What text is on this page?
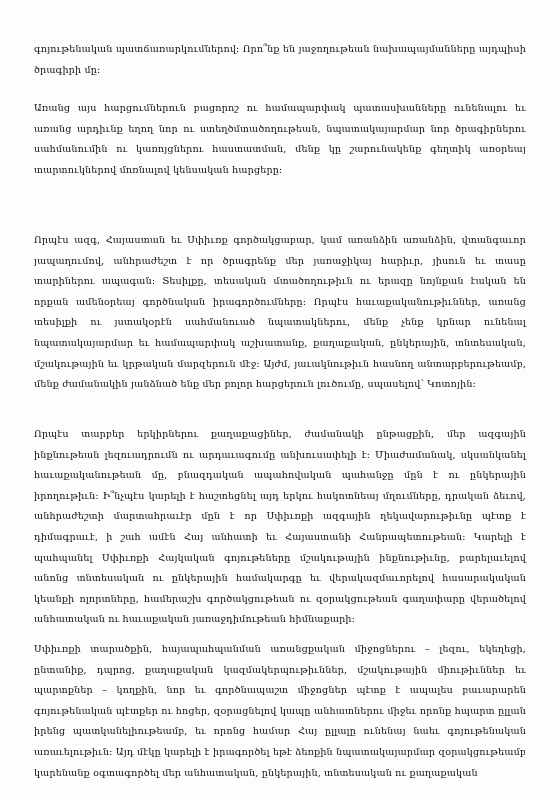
գոյութենական պատճառարկումներով: Որո՞նք են յաջողութեան նախապայմանները այդպիսի ծրագիրի մը:

Առանց այս հարցումներուն բացորոշ ու համապարփակ պատասխանները ունենալու եւ առանց արդիւնք եղող նոր ու ստեղծմտածողութեան, նպատակայարմար նոր ծրագիրներու սահմանումին ու կառոյցներու հաստատման, մենք կը շարունակենք գեղտիկ առօրեայ տարտուկներով մոռնալով կենսական հարցերը:

Որպէս ազգ, Հայաստան եւ Սփիւռք գործակցաբար, կամ առանձին առանձին, վտանգաւոր յապաղումով, անհրաժեշտ է որ ծրագրենք մեր յառաջիկայ հարիւր, յիսուն եւ տասը տարիներու ապագան: Տեսիլքը, տեսական մտածողութիւն ու երազը նոյնքան էական են որքան ամենօրեայ գործնական իրագործումները: Որպէս հաւաքականութիւններ, առանց տեսիլքի ու յստակօրէն սահմանուած նպատակներու, մենք չենք կրնար ունենալ նպատակայարմար եւ համապարփակ աշխատանք, քաղաքական, ընկերային, տնտեսական, մշակութային եւ կրթական մարզերուն մէջ: Այժմ, յաւակնութիւն հասնող անտարբերութեամբ, մենք ժամանակին յանձնած ենք մեր բոլոր հարցերուն լուծումը, սպասելով՝ Կոտոյին:

Որպէս տարբեր երկիրներու քաղաքացիներ, ժամանակի ընթացքին, մեր ազգային ինքնութեան լեզուադրումն ու արդաւագումը անխուսափելի է: Միաժամանակ, սկսանկանել հաւաքականութեան մը, բնազդական ապահովական պահանջը մըն է ու ընկերային իրողութիւն: Ի՞նչպէս կարելի է հաշտեցնել այդ երկու հակոտնեայ մղումները, դրական ձեւով, անհրաժեշտի մարտահրաւէր մըն է որ Սփիւռքի ազգային ղեկավարութիւնը պէտք է դիմագրաւէ, ի շահ ամէն Հայ անհատի եւ Հայաստանի Հանրապետութեան: Կարելի է պահպանել Սփիւռքի Հայկական գոյութեները մշակութային ինքնութիւնը, բարելաւելով անոնց տնտեսական ու ընկերային համակարգը եւ վերակազմաւորելով հասարակական կեանքի ոլորտները, համերաշխ գործակցութեան ու զօրակցութեան գաղափարը վերածելով անհատական ու հաւաքական յառաջդիմութեան հիմնաքարի:

Սփիւռքի տարածքին, հայապահպանման առանցքական միջոցներու – լեզու, եկեղեցի, ընտանիք, դպրոց, քաղաքական կազմակերպութիւններ, մշակութային միութիւններ եւ պարտքներ – կողքին, նոր եւ գործնապաշտ միջոցներ պէտք է ապալես բաւարարեն գոյութենական պէտքեր ու հոցեր, զօրացնելով կապը անհատներու միջեւ որոնք հպարտ ըլլան իրենց պատկանելիութեամբ, եւ որոնց համար Հայ ըլլալը ունենայ նաեւ գոյութենական առաւելութիւն: Այդ մէկը կարելի է իրագործել եթէ ձեռքին նպատակայարմար զօրակցութեամբ կարենանք օգտագործել մեր անհատական, ընկերային, տնտեսական ու քաղաքական
